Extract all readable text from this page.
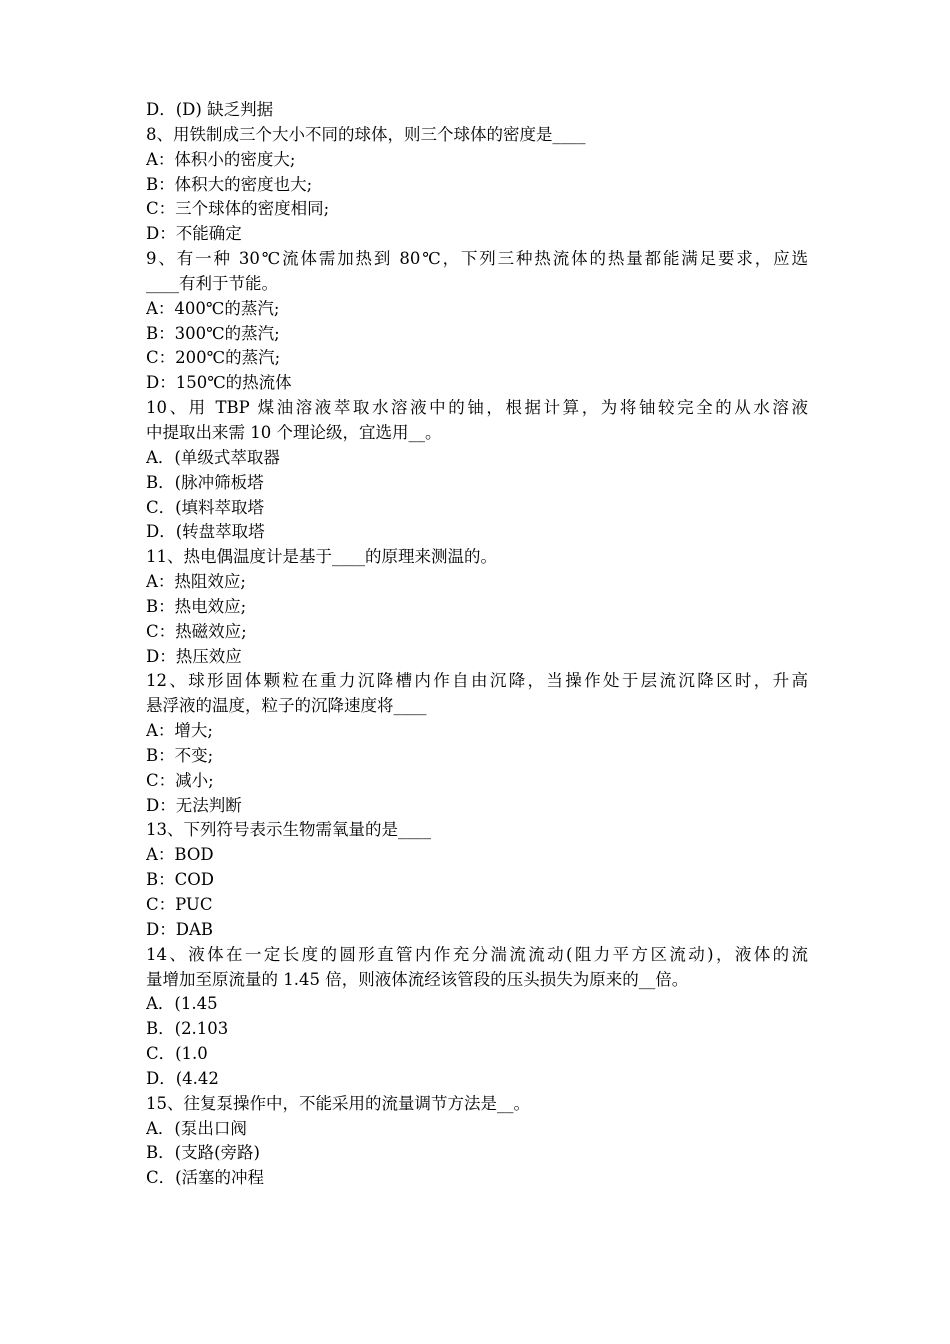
D．(D) 缺乏判据
8、用铁制成三个大小不同的球体，则三个球体的密度是____
A：体积小的密度大;
B：体积大的密度也大;
C：三个球体的密度相同;
D：不能确定
9、有一种 30℃流体需加热到 80℃，下列三种热流体的热量都能满足要求，应选
____有利于节能。
A：400℃的蒸汽;
B：300℃的蒸汽;
C：200℃的蒸汽;
D：150℃的热流体
10、用 TBP 煤油溶液萃取水溶液中的铀，根据计算，为将铀较完全的从水溶液
中提取出来需 10 个理论级，宜选用__。
A．(单级式萃取器
B．(脉冲筛板塔
C．(填料萃取塔
D．(转盘萃取塔
11、热电偶温度计是基于____的原理来测温的。
A：热阻效应;
B：热电效应;
C：热磁效应;
D：热压效应
12、球形固体颗粒在重力沉降槽内作自由沉降，当操作处于层流沉降区时，升高
悬浮液的温度，粒子的沉降速度将____
A：增大;
B：不变;
C：减小;
D：无法判断
13、下列符号表示生物需氧量的是____
A：BOD
B：COD
C：PUC
D：DAB
14、液体在一定长度的圆形直管内作充分湍流流动(阻力平方区流动)，液体的流
量增加至原流量的 1.45 倍，则液体流经该管段的压头损失为原来的__倍。
A．(1.45
B．(2.103
C．(1.0
D．(4.42
15、往复泵操作中，不能采用的流量调节方法是__。
A．(泵出口阀
B．(支路(旁路)
C．(活塞的冲程
